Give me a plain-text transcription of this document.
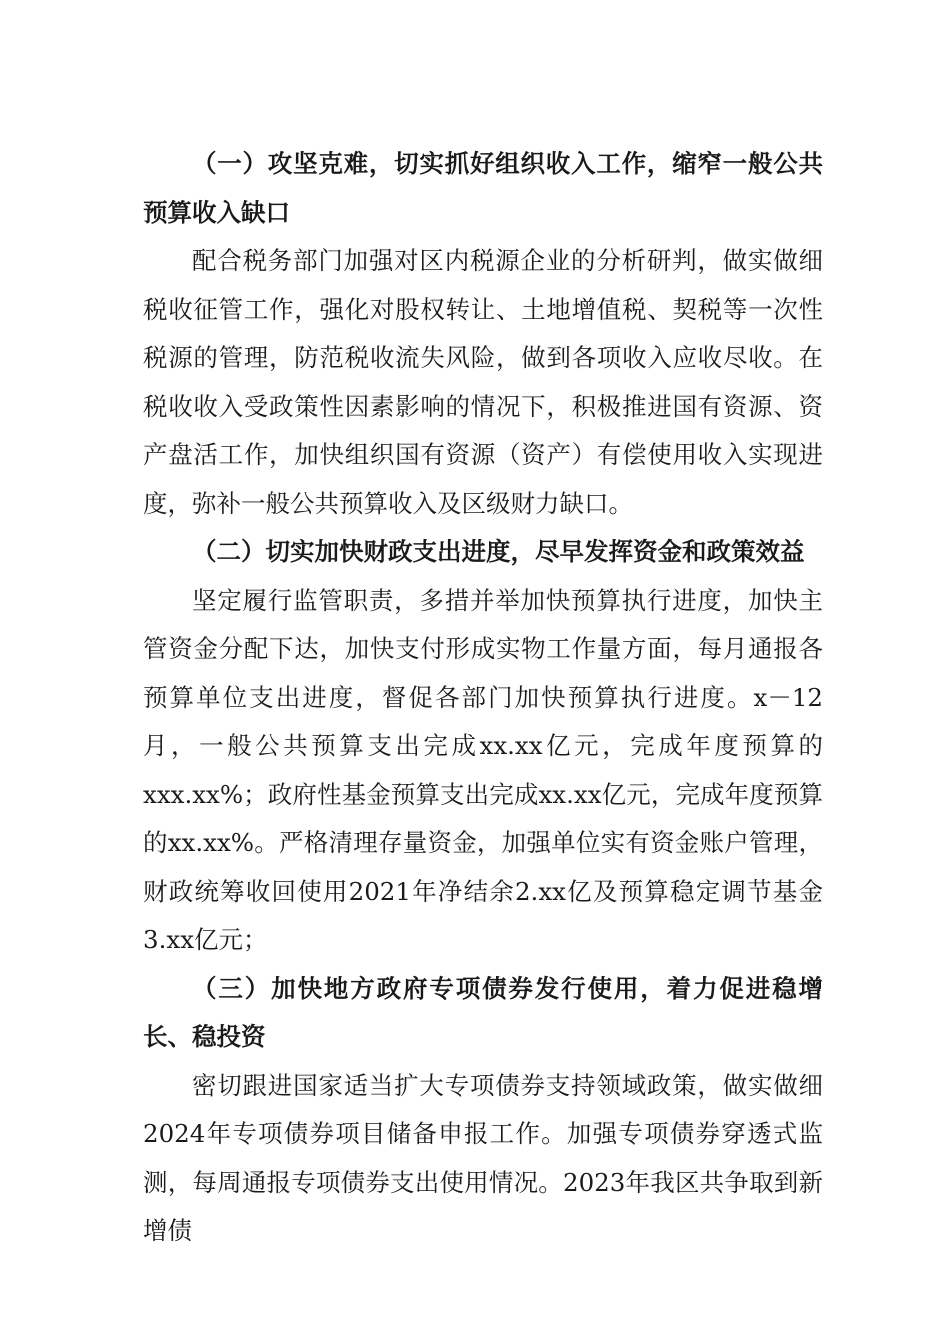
（一）攻坚克难，切实抓好组织收入工作，缩窄一般公共预算收入缺口

配合税务部门加强对区内税源企业的分析研判，做实做细税收征管工作，强化对股权转让、土地增值税、契税等一次性税源的管理，防范税收流失风险，做到各项收入应收尽收。在税收收入受政策性因素影响的情况下，积极推进国有资源、资产盘活工作，加快组织国有资源（资产）有偿使用收入实现进度，弥补一般公共预算收入及区级财力缺口。

（二）切实加快财政支出进度，尽早发挥资金和政策效益

坚定履行监管职责，多措并举加快预算执行进度，加快主管资金分配下达，加快支付形成实物工作量方面，每月通报各预算单位支出进度，督促各部门加快预算执行进度。x－12月，一般公共预算支出完成xx.xx亿元，完成年度预算的xxx.xx%；政府性基金预算支出完成xx.xx亿元，完成年度预算的xx.xx%。严格清理存量资金，加强单位实有资金账户管理，财政统筹收回使用2021年净结余2.xx亿及预算稳定调节基金3.xx亿元；

（三）加快地方政府专项债券发行使用，着力促进稳增长、稳投资

密切跟进国家适当扩大专项债券支持领域政策，做实做细2024年专项债券项目储备申报工作。加强专项债券穿透式监测，每周通报专项债券支出使用情况。2023年我区共争取到新增债
